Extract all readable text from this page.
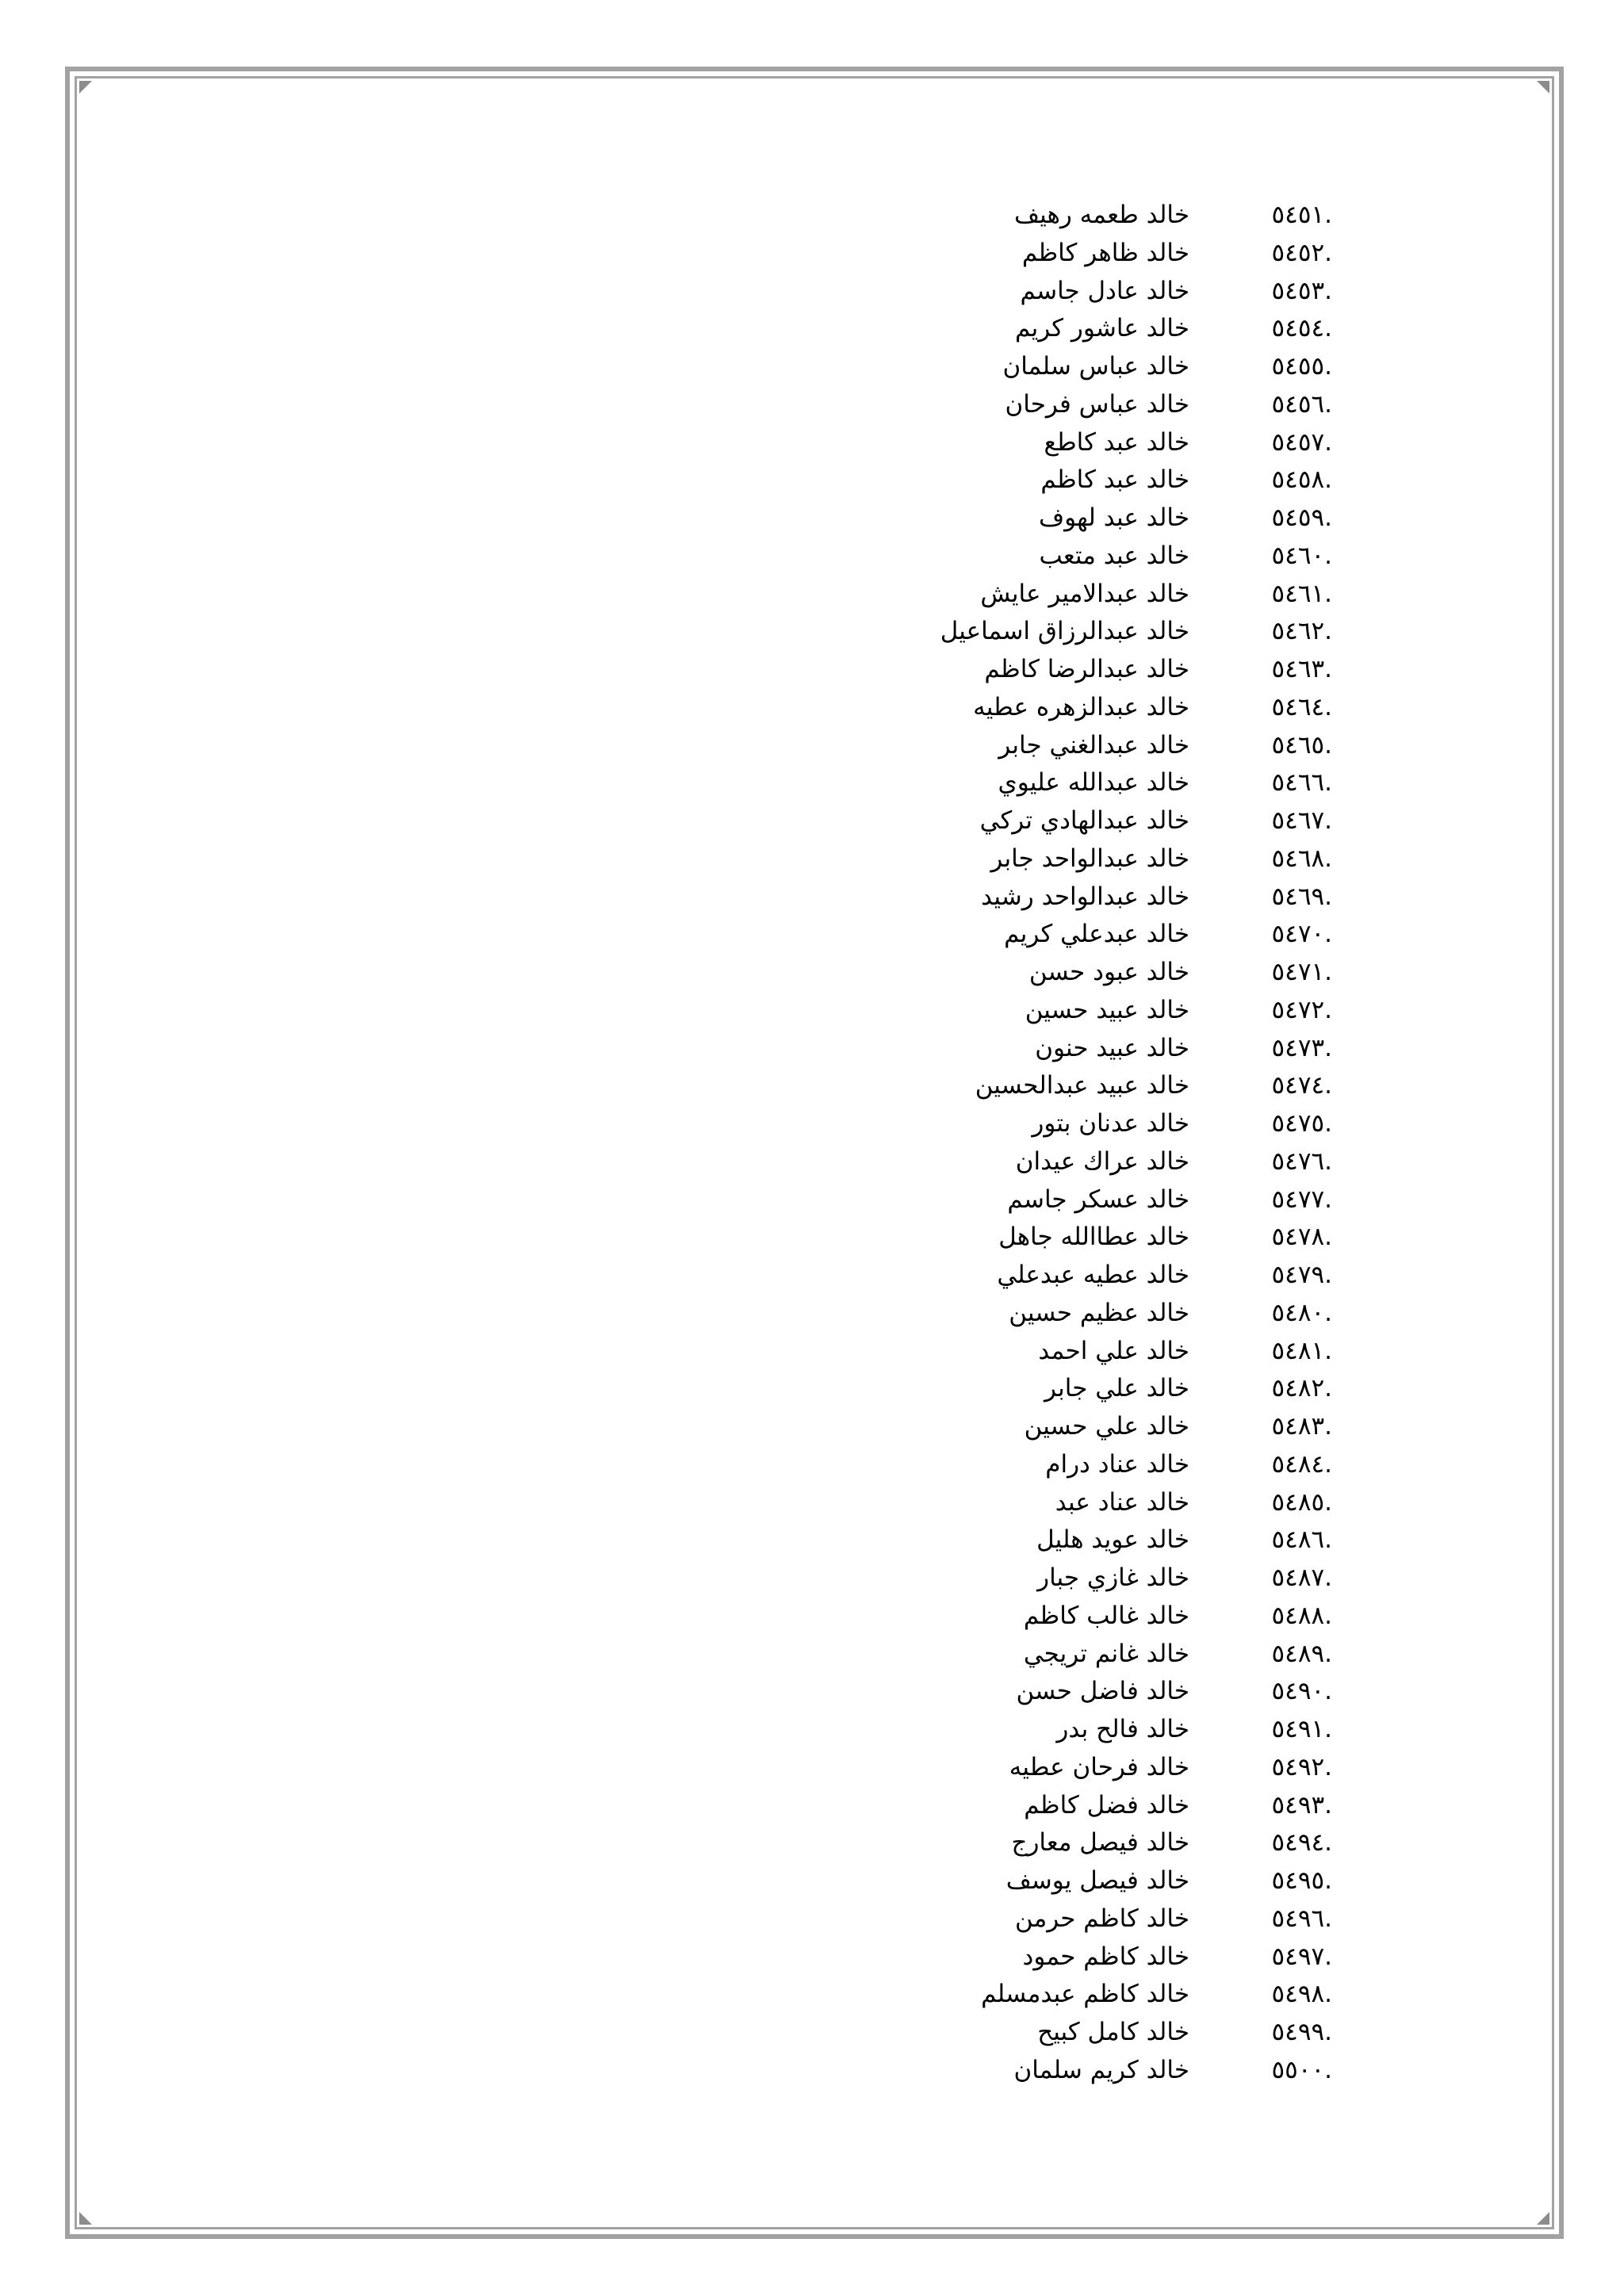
.٥٤٥١
خالد طعمه رهيف
.٥٤٥٢
خالد ظاهر كاظم
.٥٤٥٣
خالد عادل جاسم
.٥٤٥٤
خالد عاشور كريم
.٥٤٥٥
خالد عباس سلمان
.٥٤٥٦
خالد عباس فرحان
.٥٤٥٧
خالد عبد كاطع
.٥٤٥٨
خالد عبد كاظم
.٥٤٥٩
خالد عبد لهوف
.٥٤٦٠
خالد عبد متعب
.٥٤٦١
خالد عبدالامير عايش
.٥٤٦٢
خالد عبدالرزاق اسماعيل
.٥٤٦٣
خالد عبدالرضا كاظم
.٥٤٦٤
خالد عبدالزهره عطيه
.٥٤٦٥
خالد عبدالغني جابر
.٥٤٦٦
خالد عبدالله عليوي
.٥٤٦٧
خالد عبدالهادي تركي
.٥٤٦٨
خالد عبدالواحد جابر
.٥٤٦٩
خالد عبدالواحد رشيد
.٥٤٧٠
خالد عبدعلي كريم
.٥٤٧١
خالد عبود حسن
.٥٤٧٢
خالد عبيد حسين
.٥٤٧٣
خالد عبيد حنون
.٥٤٧٤
خالد عبيد عبدالحسين
.٥٤٧٥
خالد عدنان بتور
.٥٤٧٦
خالد عراك عيدان
.٥٤٧٧
خالد عسكر جاسم
.٥٤٧٨
خالد عطاالله جاهل
.٥٤٧٩
خالد عطيه عبدعلي
.٥٤٨٠
خالد عظيم حسين
.٥٤٨١
خالد علي احمد
.٥٤٨٢
خالد علي جابر
.٥٤٨٣
خالد علي حسين
.٥٤٨٤
خالد عناد درام
.٥٤٨٥
خالد عناد عبد
.٥٤٨٦
خالد عويد هليل
.٥٤٨٧
خالد غازي جبار
.٥٤٨٨
خالد غالب كاظم
.٥٤٨٩
خالد غانم تريجي
.٥٤٩٠
خالد فاضل حسن
.٥٤٩١
خالد فالح بدر
.٥٤٩٢
خالد فرحان عطيه
.٥٤٩٣
خالد فضل كاظم
.٥٤٩٤
خالد فيصل معارج
.٥٤٩٥
خالد فيصل يوسف
.٥٤٩٦
خالد كاظم حرمن
.٥٤٩٧
خالد كاظم حمود
.٥٤٩٨
خالد كاظم عبدمسلم
.٥٤٩٩
خالد كامل كبيح
.٥٥٠٠
خالد كريم سلمان
